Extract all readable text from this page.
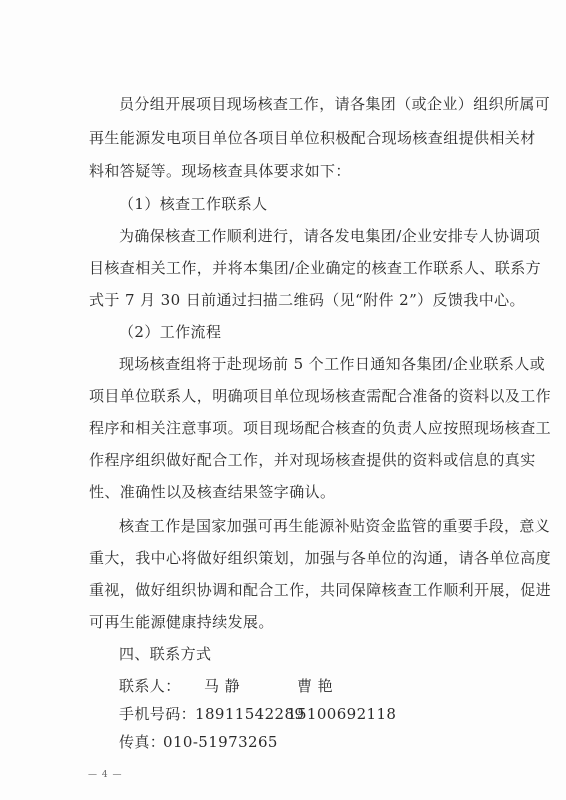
员分组开展项目现场核查工作，请各集团（或企业）组织所属可
再生能源发电项目单位各项目单位积极配合现场核查组提供相关材
料和答疑等。现场核查具体要求如下：
（1）核查工作联系人
为确保核查工作顺利进行，请各发电集团/企业安排专人协调项
目核查相关工作，并将本集团/企业确定的核查工作联系人、联系方
式于 7 月 30 日前通过扫描二维码（见“附件 2”）反馈我中心。
（2）工作流程
现场核查组将于赴现场前 5 个工作日通知各集团/企业联系人或
项目单位联系人，明确项目单位现场核查需配合准备的资料以及工作
程序和相关注意事项。项目现场配合核查的负责人应按照现场核查工
作程序组织做好配合工作，并对现场核查提供的资料或信息的真实
性、准确性以及核查结果签字确认。
核查工作是国家加强可再生能源补贴资金监管的重要手段，意义
重大，我中心将做好组织策划，加强与各单位的沟通，请各单位高度
重视，做好组织协调和配合工作，共同保障核查工作顺利开展，促进
可再生能源健康持续发展。
四、联系方式
联系人： 马 静	曹 艳
手机号码：
18911542289
15100692118
传真：
010-51973265
— 4 —
